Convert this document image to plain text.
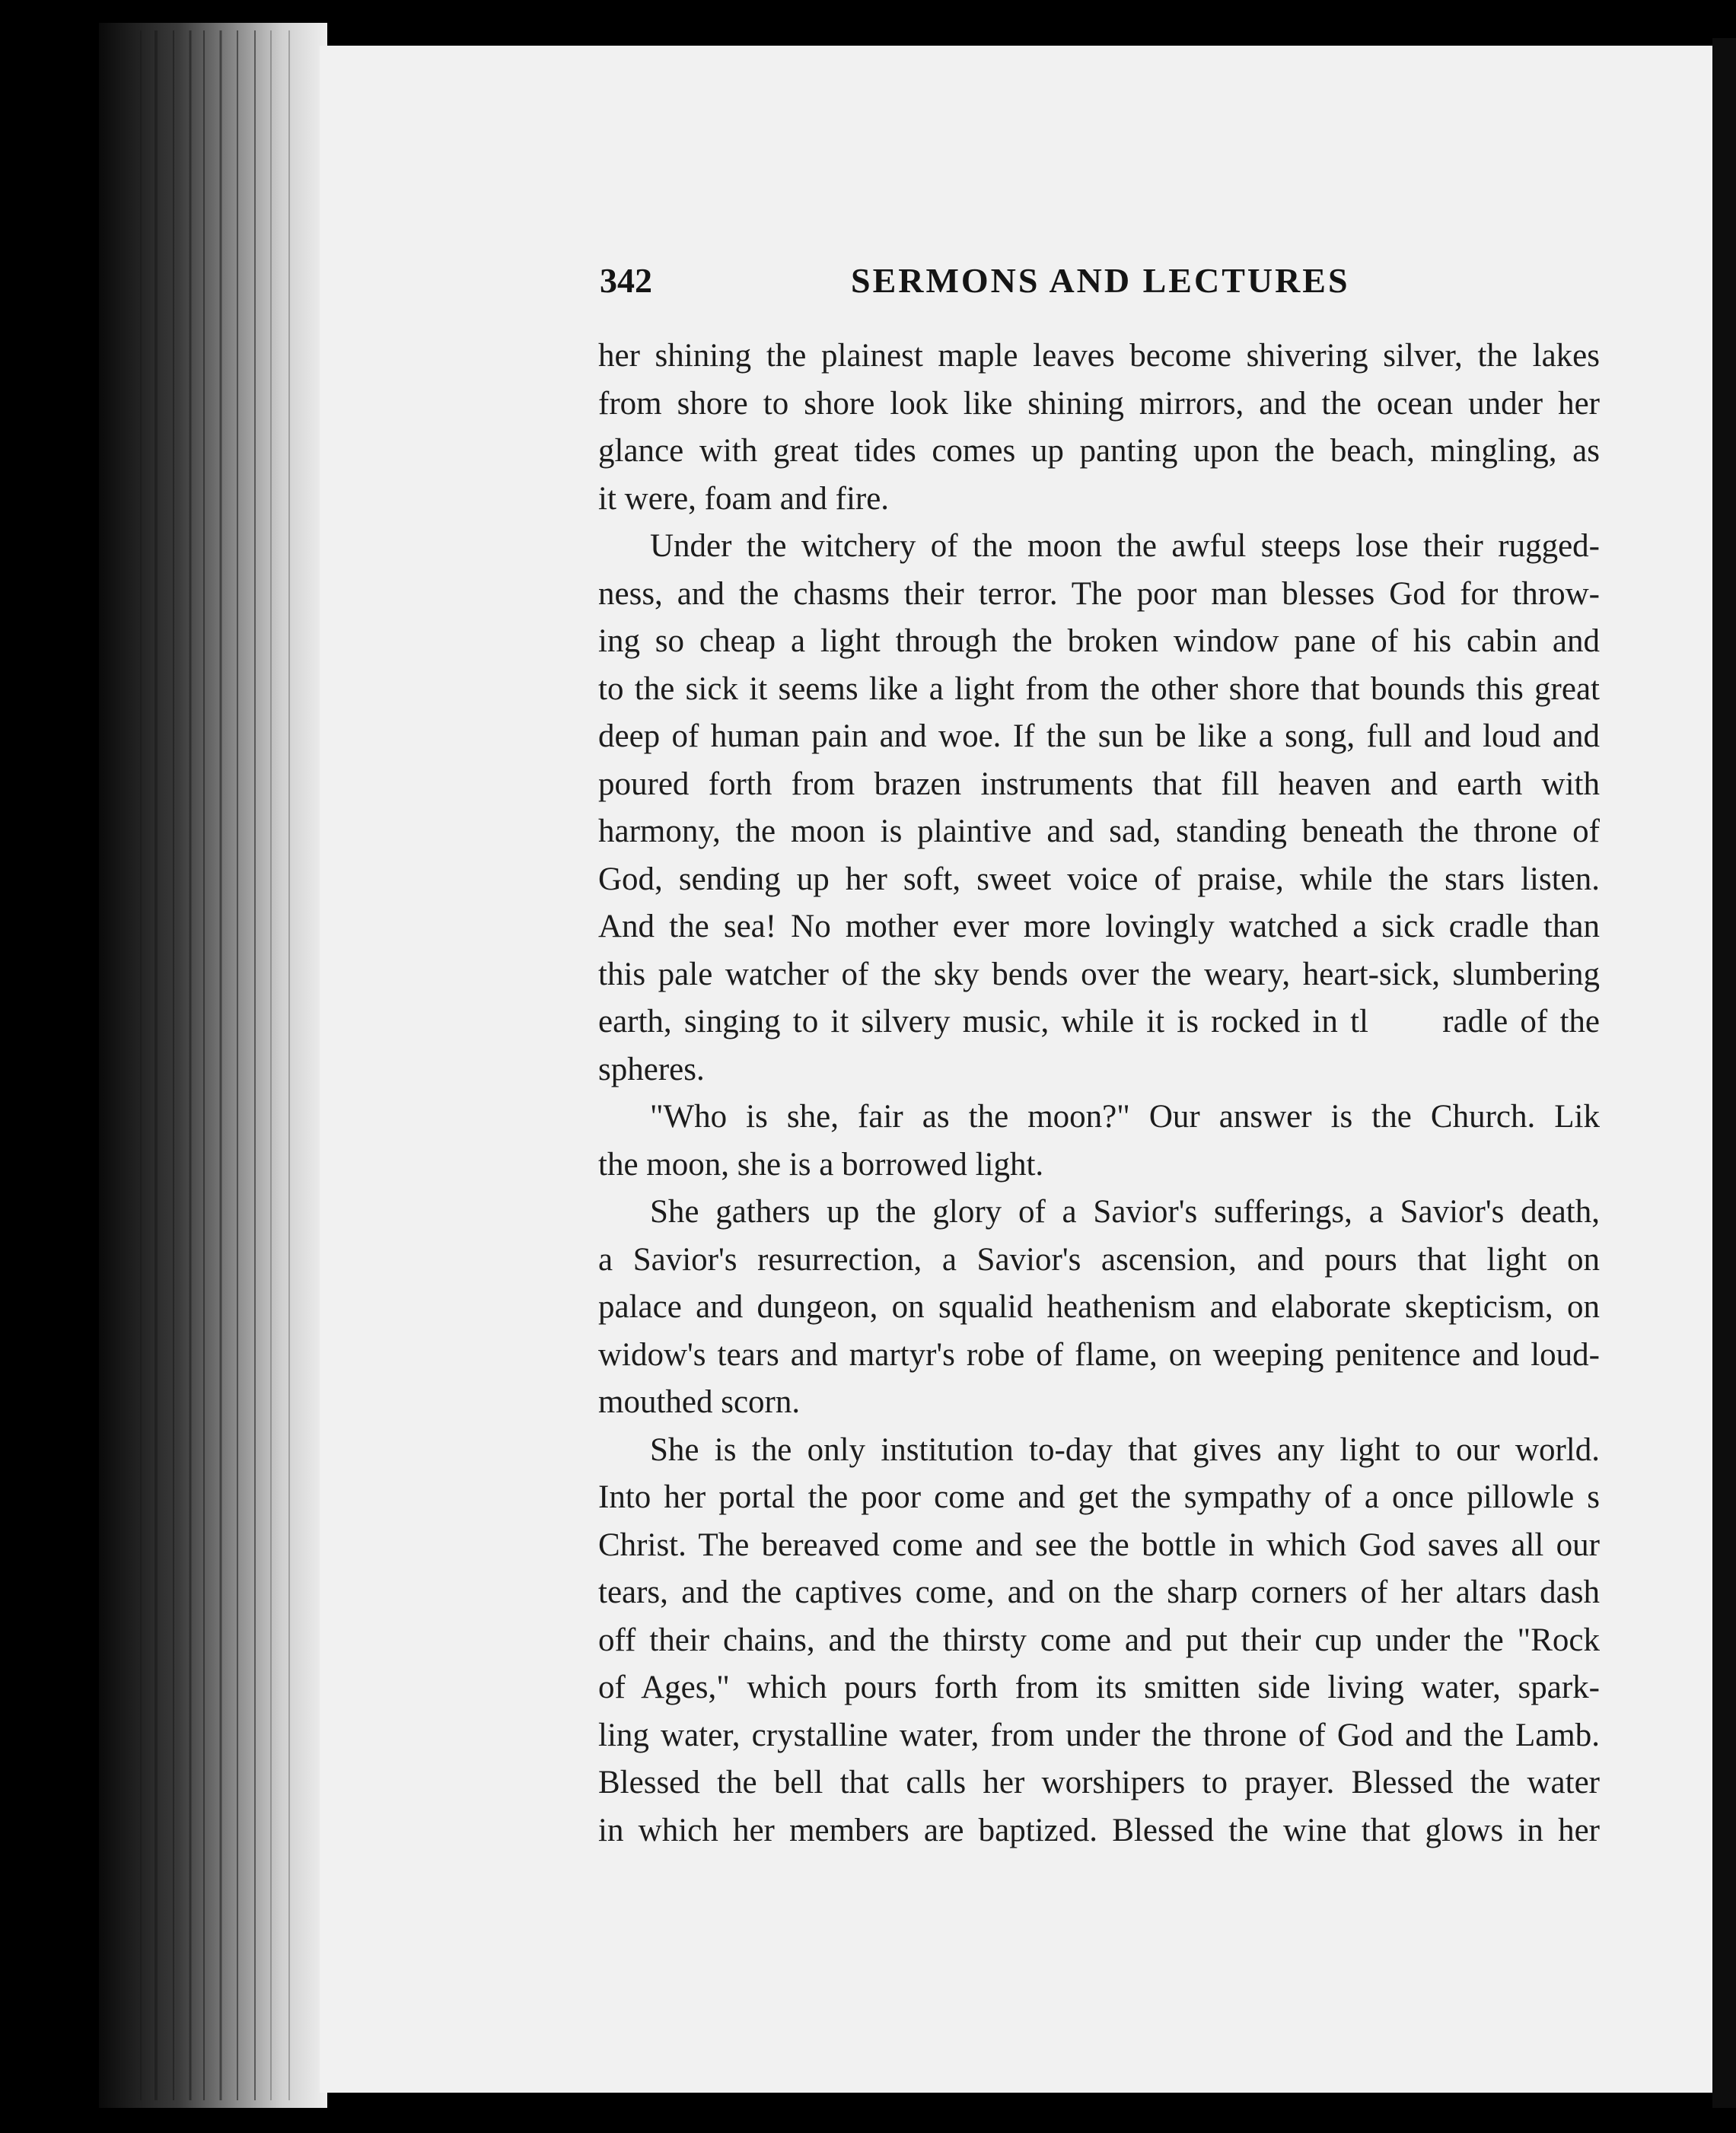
342	SERMONS AND LECTURES
her shining the plainest maple leaves become shivering silver, the lakes
from shore to shore look like shining mirrors, and the ocean under her
glance with great tides comes up panting upon the beach, mingling, as
it were, foam and fire.
Under the witchery of the moon the awful steeps lose their rugged-
ness, and the chasms their terror. The poor man blesses God for throw-
ing so cheap a light through the broken window pane of his cabin and
to the sick it seems like a light from the other shore that bounds this great
deep of human pain and woe. If the sun be like a song, full and loud and
poured forth from brazen instruments that fill heaven and earth with
harmony, the moon is plaintive and sad, standing beneath the throne of
God, sending up her soft, sweet voice of praise, while the stars listen.
And the sea! No mother ever more lovingly watched a sick cradle than
this pale watcher of the sky bends over the weary, heart-sick, slumbering
earth, singing to it silvery music, while it is rocked in tl      radle of the
spheres.
"Who is she, fair as the moon?" Our answer is the Church. Lik
the moon, she is a borrowed light.
She gathers up the glory of a Savior's sufferings, a Savior's death,
a Savior's resurrection, a Savior's ascension, and pours that light on
palace and dungeon, on squalid heathenism and elaborate skepticism, on
widow's tears and martyr's robe of flame, on weeping penitence and loud-
mouthed scorn.
She is the only institution to-day that gives any light to our world.
Into her portal the poor come and get the sympathy of a once pillowle s
Christ. The bereaved come and see the bottle in which God saves all our
tears, and the captives come, and on the sharp corners of her altars dash
off their chains, and the thirsty come and put their cup under the "Rock
of Ages," which pours forth from its smitten side living water, spark-
ling water, crystalline water, from under the throne of God and the Lamb.
Blessed the bell that calls her worshipers to prayer. Blessed the water
in which her members are baptized. Blessed the wine that glows in her
